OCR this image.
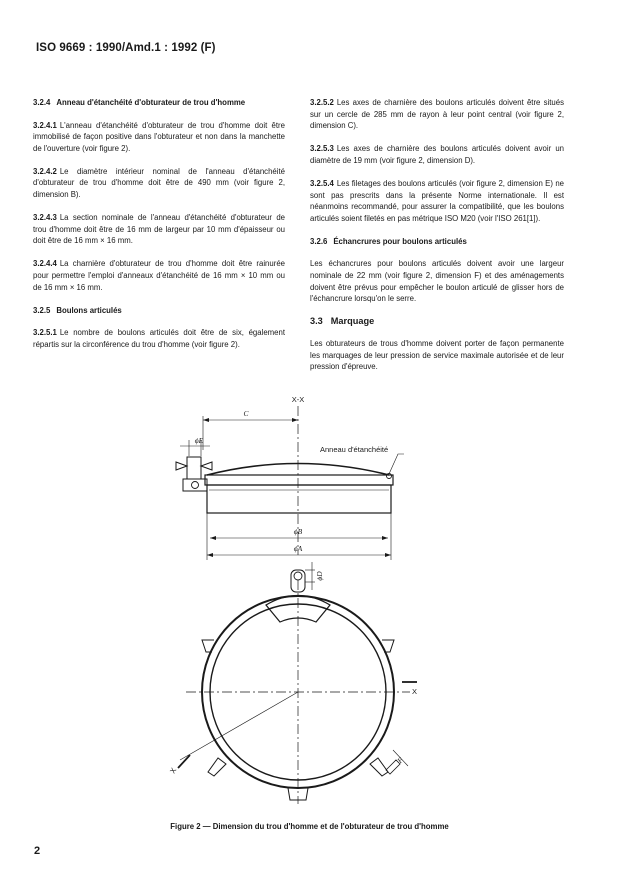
ISO 9669 : 1990/Amd.1 : 1992 (F)
3.2.4 Anneau d'étanchéité d'obturateur de trou d'homme

3.2.4.1 L'anneau d'étanchéité d'obturateur de trou d'homme doit être immobilisé de façon positive dans l'obturateur et non dans la manchette de l'ouverture (voir figure 2).

3.2.4.2 Le diamètre intérieur nominal de l'anneau d'étanchéité d'obturateur de trou d'homme doit être de 490 mm (voir figure 2, dimension B).

3.2.4.3 La section nominale de l'anneau d'étanchéité d'obturateur de trou d'homme doit être de 16 mm de largeur par 10 mm d'épaisseur ou doit être de 16 mm × 16 mm.

3.2.4.4 La charnière d'obturateur de trou d'homme doit être rainurée pour permettre l'emploi d'anneaux d'étanchéité de 16 mm × 10 mm ou de 16 mm × 16 mm.

3.2.5 Boulons articulés

3.2.5.1 Le nombre de boulons articulés doit être de six, également répartis sur la circonférence du trou d'homme (voir figure 2).

3.2.5.2 Les axes de charnière des boulons articulés doivent être situés sur un cercle de 285 mm de rayon à leur point central (voir figure 2, dimension C).

3.2.5.3 Les axes de charnière des boulons articulés doivent avoir un diamètre de 19 mm (voir figure 2, dimension D).

3.2.5.4 Les filetages des boulons articulés (voir figure 2, dimension E) ne sont pas prescrits dans la présente Norme internationale. Il est néanmoins recommandé, pour assurer la compatibilité, que les boulons articulés soient filetés en pas métrique ISO M20 (voir l'ISO 261[1]).

3.2.6 Échancrures pour boulons articulés

Les échancrures pour boulons articulés doivent avoir une largeur nominale de 22 mm (voir figure 2, dimension F) et des aménagements doivent être prévus pour empêcher le boulon articulé de glisser hors de l'échancrure lorsqu'on le serre.

3.3 Marquage

Les obturateurs de trous d'homme doivent porter de façon permanente les marquages de leur pression de service maximale autorisée et de leur pression d'épreuve.

X-X
C
ϕE
Anneau d'étanchéité
ϕB
ϕA
ϕD
F
X
X
Figure 2 — Dimension du trou d'homme et de l'obturateur de trou d'homme
2
